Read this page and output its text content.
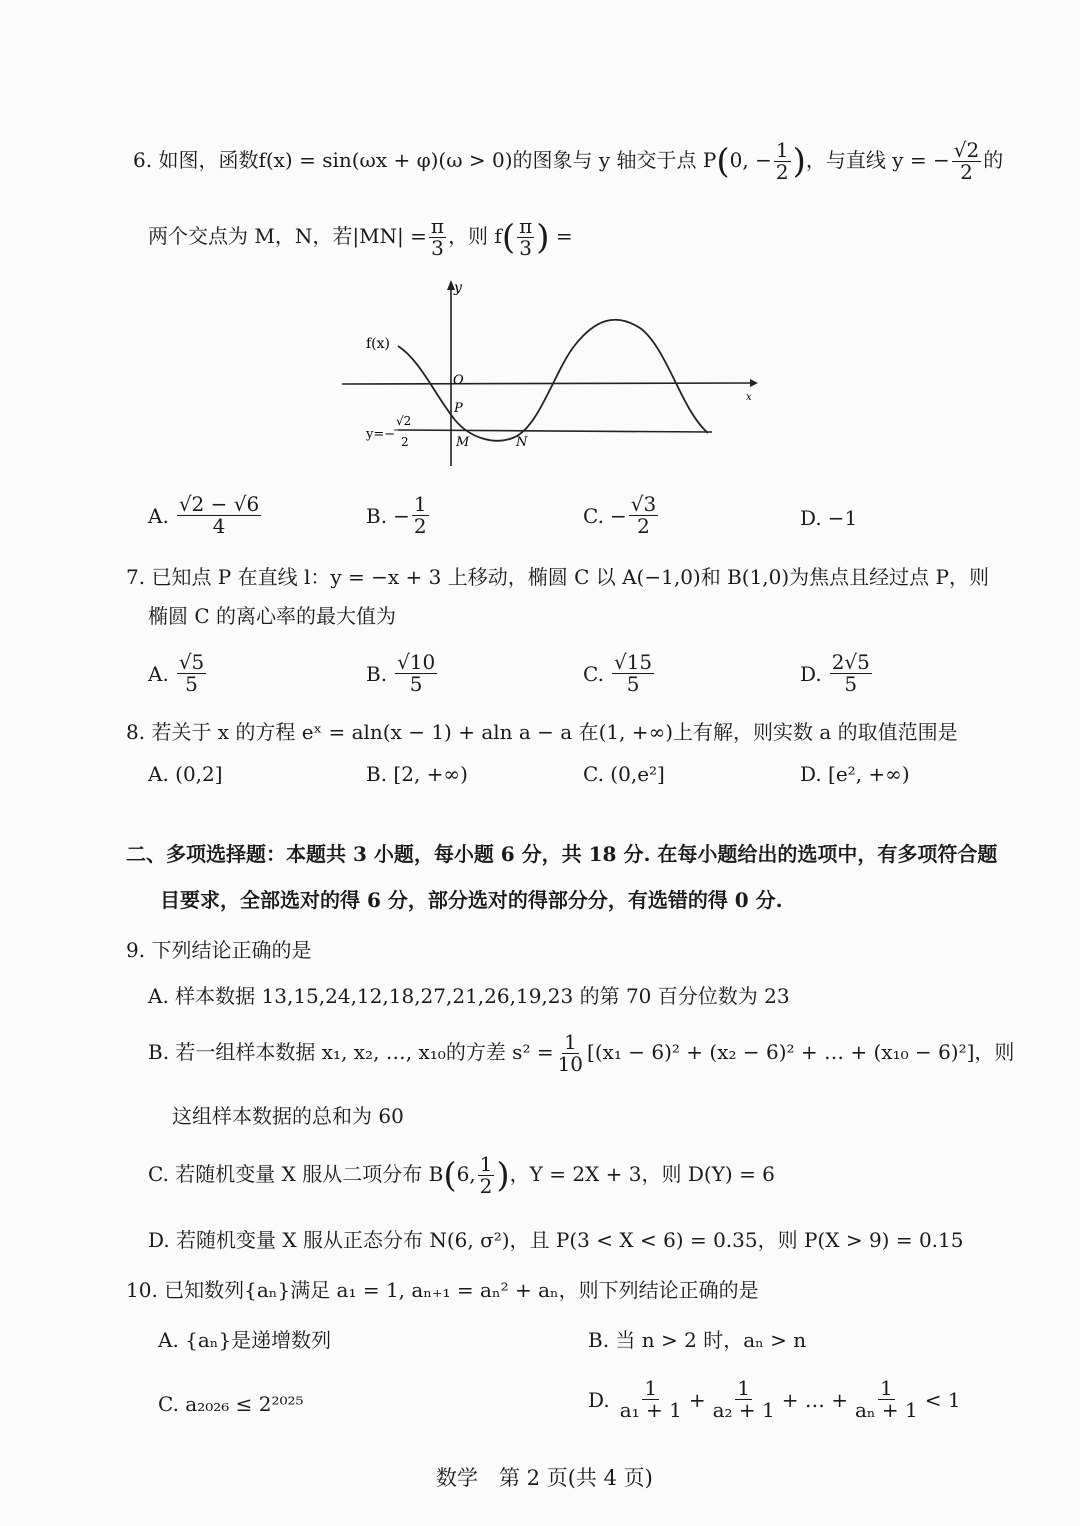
6. 如图，函数f(x) = sin(ωx + φ)(ω > 0)的图象与 y 轴交于点 P(0, − $\frac{1}{2}$ )，与直线 y = − $\frac{√2}{2}$ 的
两个交点为 M，N，若$|MN| = \frac{\pi}{3}$ ，则 $f( \frac{\pi}{3}$ ) =
y
x
f(x)
O
P
M	N
y=−
√2
2
A. $\frac{√2 - √6}{4}$	B. − $\frac{1}{2}$	C. − $\frac{√3}{2}$	D. −1
7. 已知点 P 在直线 l：y = −x + 3 上移动，椭圆 C 以 A(−1,0)和 B(1,0)为焦点且经过点 P，则
椭圆 C 的离心率的最大值为
A. $\frac{√5}{5}$	B. $\frac{√10}{5}$	C. $\frac{√15}{5}$	D. $\frac{2√5}{5}$
8. 若关于 x 的方程 eˣ = aln(x − 1) + aln a − a 在(1, +∞)上有解，则实数 a 的取值范围是
A. (0,2]	B. [2, +∞)	C. (0,e²]	D. [e², +∞)
二、多项选择题：本题共 3 小题，每小题 6 分，共 18 分. 在每小题给出的选项中，有多项符合题
目要求，全部选对的得 6 分，部分选对的得部分分，有选错的得 0 分.
9. 下列结论正确的是
A. 样本数据 13,15,24,12,18,27,21,26,19,23 的第 70 百分位数为 23
B. 若一组样本数据 x₁, x₂, …, x₁₀的方差 $s^2 = \frac{1}{10} [(x_1 - 6)^2 + (x_2 - 6)^2$ + … + (x₁₀ − 6)²]，则
这组样本数据的总和为 60
C. 若随机变量 X 服从二项分布 B(6, $\frac{1}{2}$ )，Y = 2X + 3，则 D(Y) = 6
D. 若随机变量 X 服从正态分布 N(6, σ²)，且 P(3 < X < 6) = 0.35，则 P(X > 9) = 0.15
10. 已知数列{aₙ}满足 a₁ = 1, aₙ₊₁ = aₙ² + aₙ，则下列结论正确的是
A. {aₙ}是递增数列	B. 当 n > 2 时，aₙ > n
C. a₂₀₂₆ ≤ 2²⁰²⁵	D. $\frac{1}{\text{a₁ + 1}} + \frac{1}{\text{a₂ + 1}}$ + … + $\frac{1}{\text{aₙ + 1}} < 1$
数学　第 2 页(共 4 页)
